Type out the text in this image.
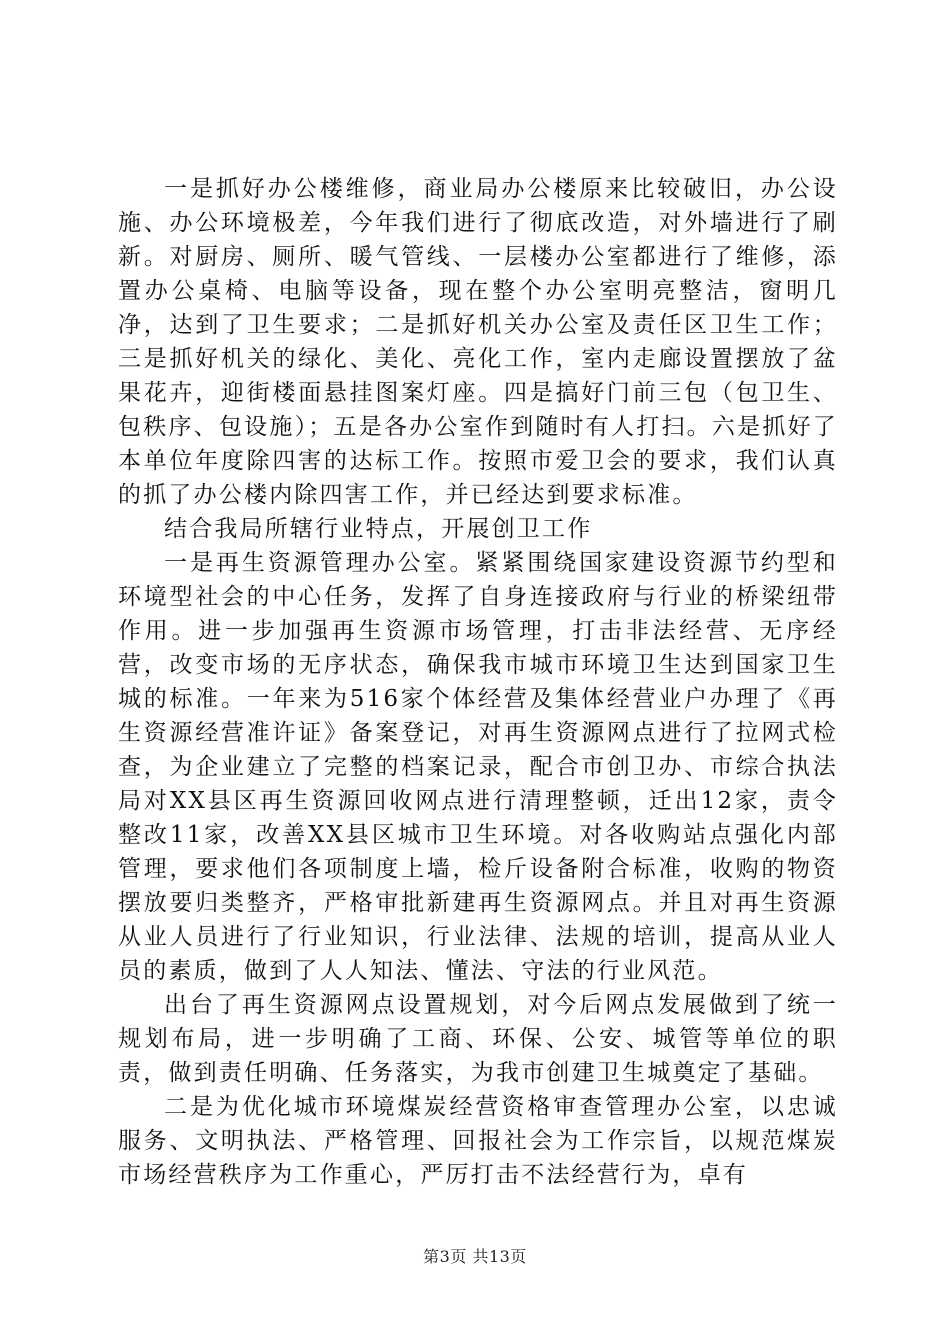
一是抓好办公楼维修，商业局办公楼原来比较破旧，办公设施、办公环境极差，今年我们进行了彻底改造，对外墙进行了刷新。对厨房、厕所、暖气管线、一层楼办公室都进行了维修，添置办公桌椅、电脑等设备，现在整个办公室明亮整洁，窗明几净，达到了卫生要求；二是抓好机关办公室及责任区卫生工作；三是抓好机关的绿化、美化、亮化工作，室内走廊设置摆放了盆果花卉，迎街楼面悬挂图案灯座。四是搞好门前三包（包卫生、包秩序、包设施）；五是各办公室作到随时有人打扫。六是抓好了本单位年度除四害的达标工作。按照市爱卫会的要求，我们认真的抓了办公楼内除四害工作，并已经达到要求标准。

结合我局所辖行业特点，开展创卫工作

一是再生资源管理办公室。紧紧围绕国家建设资源节约型和环境型社会的中心任务，发挥了自身连接政府与行业的桥梁纽带作用。进一步加强再生资源市场管理，打击非法经营、无序经营，改变市场的无序状态，确保我市城市环境卫生达到国家卫生城的标准。一年来为516家个体经营及集体经营业户办理了《再生资源经营准许证》备案登记，对再生资源网点进行了拉网式检查，为企业建立了完整的档案记录，配合市创卫办、市综合执法局对XX县区再生资源回收网点进行清理整顿，迁出12家，责令整改11家，改善XX县区城市卫生环境。对各收购站点强化内部管理，要求他们各项制度上墙，检斤设备附合标准，收购的物资摆放要归类整齐，严格审批新建再生资源网点。并且对再生资源从业人员进行了行业知识，行业法律、法规的培训，提高从业人员的素质，做到了人人知法、懂法、守法的行业风范。

出台了再生资源网点设置规划，对今后网点发展做到了统一规划布局，进一步明确了工商、环保、公安、城管等单位的职责，做到责任明确、任务落实，为我市创建卫生城奠定了基础。

二是为优化城市环境煤炭经营资格审查管理办公室，以忠诚服务、文明执法、严格管理、回报社会为工作宗旨，以规范煤炭市场经营秩序为工作重心，严厉打击不法经营行为，卓有

第3页 共13页
